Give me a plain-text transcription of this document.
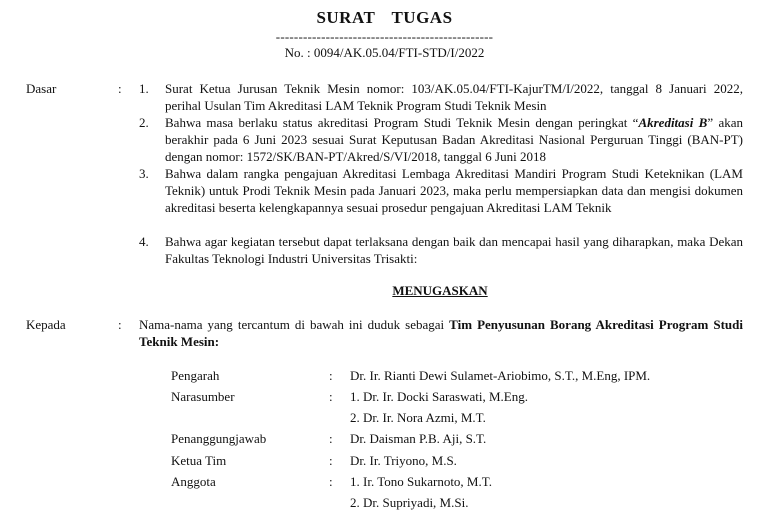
SURAT TUGAS
------------------------------------------------
No. : 0094/AK.05.04/FTI-STD/I/2022
Dasar	: 1. Surat Ketua Jurusan Teknik Mesin nomor: 103/AK.05.04/FTI-KajurTM/I/2022, tanggal 8 Januari 2022, perihal Usulan Tim Akreditasi LAM Teknik Program Studi Teknik Mesin
2. Bahwa masa berlaku status akreditasi Program Studi Teknik Mesin dengan peringkat “Akreditasi B” akan berakhir pada 6 Juni 2023 sesuai Surat Keputusan Badan Akreditasi Nasional Perguruan Tinggi (BAN-PT) dengan nomor: 1572/SK/BAN-PT/Akred/S/VI/2018, tanggal 6 Juni 2018
3. Bahwa dalam rangka pengajuan Akreditasi Lembaga Akreditasi Mandiri Program Studi Keteknikan (LAM Teknik) untuk Prodi Teknik Mesin pada Januari 2023, maka perlu mempersiapkan data dan mengisi dokumen akreditasi beserta kelengkapannya sesuai prosedur pengajuan Akreditasi LAM Teknik
4. Bahwa agar kegiatan tersebut dapat terlaksana dengan baik dan mencapai hasil yang diharapkan, maka Dekan Fakultas Teknologi Industri Universitas Trisakti:
MENUGASKAN
Kepada	: Nama-nama yang tercantum di bawah ini duduk sebagai Tim Penyusunan Borang Akreditasi Program Studi Teknik Mesin:
Pengarah	: Dr. Ir. Rianti Dewi Sulamet-Ariobimo, S.T., M.Eng, IPM.
Narasumber	: 1. Dr. Ir. Docki Saraswati, M.Eng.
2. Dr. Ir. Nora Azmi, M.T.
Penanggungjawab	: Dr. Daisman P.B. Aji, S.T.
Ketua Tim	: Dr. Ir. Triyono, M.S.
Anggota	: 1. Ir. Tono Sukarnoto, M.T.
2. Dr. Supriyadi, M.Si.
